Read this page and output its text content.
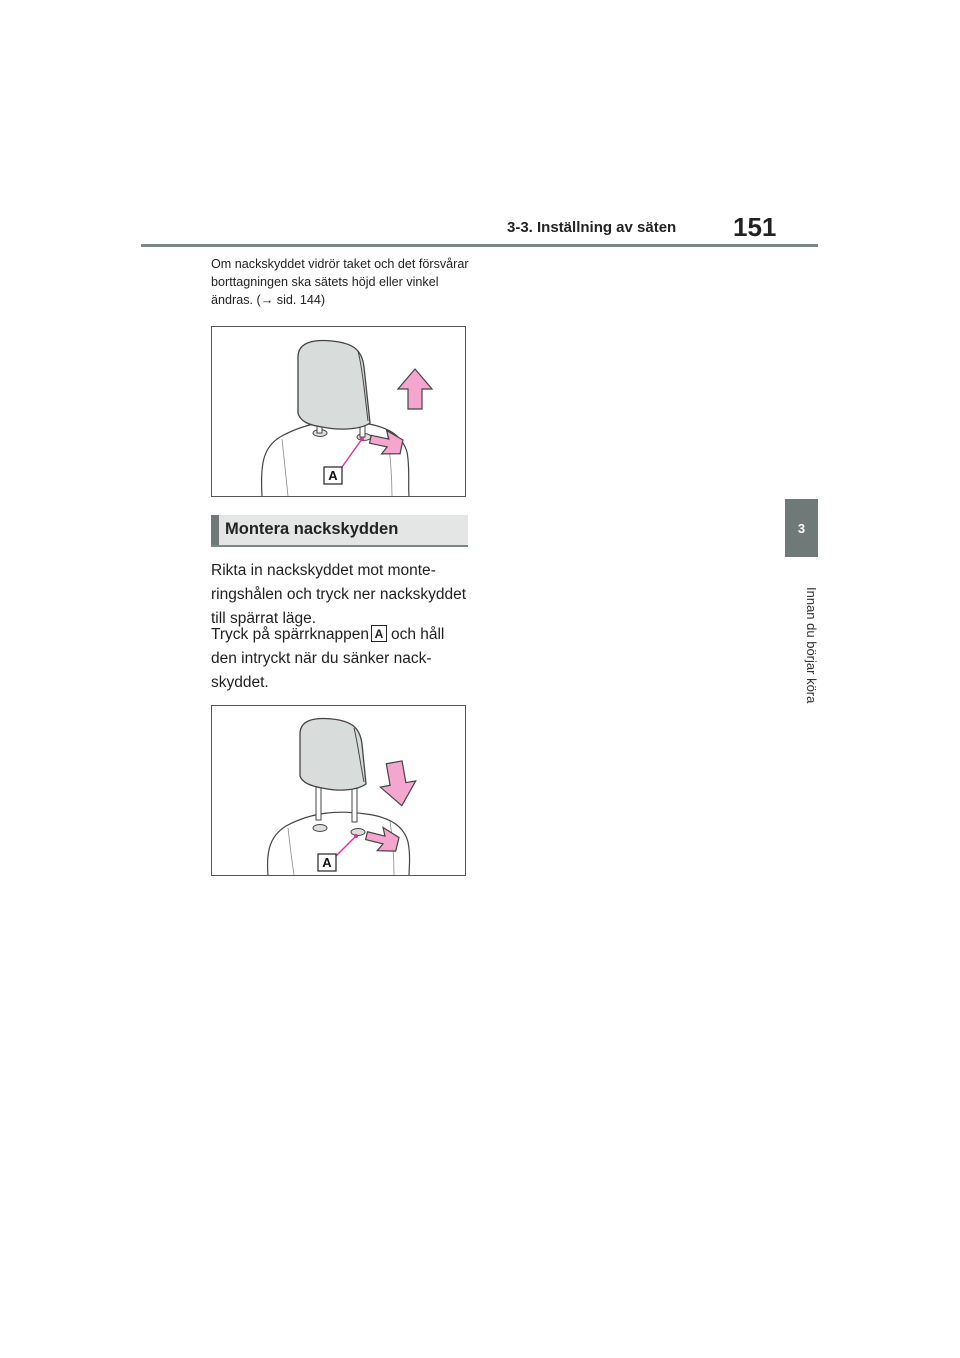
3-3. Inställning av säten 151
3
Innan du börjar köra
Om nackskyddet vidrör taket och det försvårar borttagningen ska sätets höjd eller vinkel ändras. (→ sid. 144)
A
Montera nackskydden
Rikta in nackskyddet mot monteringshålen och tryck ner nackskyddet till spärrat läge.
Tryck på spärrknappen A och håll den intryckt när du sänker nackskyddet.
A
